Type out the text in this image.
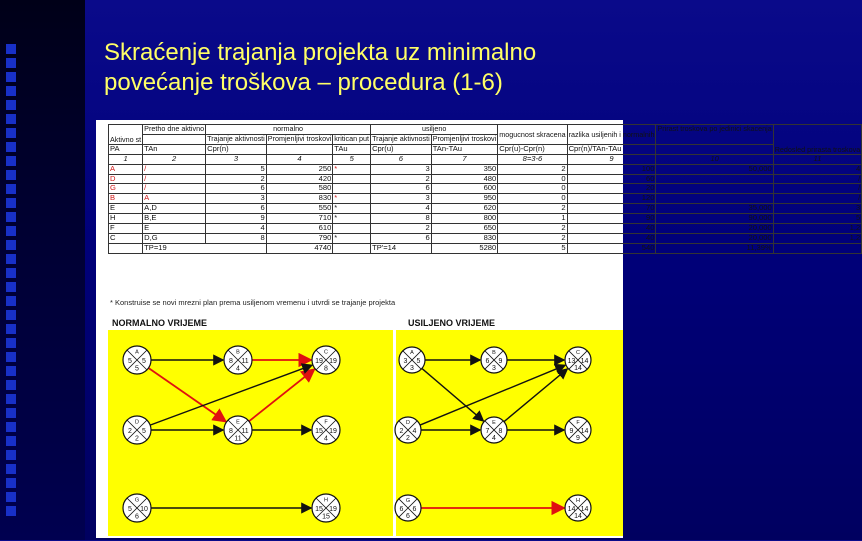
Skraćenje trajanja projekta uz minimalno
povećanje troškova – procedura (1-6)
Aktivno st	Pretho dne aktivno	normalno			usiljeno		mogucnost skracena	razlika usiljenih i normalnih	Prirast troskova po jedinici skacenja	Redosled prirasta troskova
		Trajanje aktivnosti	Promjenljivi troskovi	kritican put	Trajanje aktivnosti	Promjenljivi troskovi				
PA	TAn	Cpr(n)		TAu	Cpr(u)	TAn-TAu	Cpr(u)-Cpr(n)	Cpr(n)/TAn-TAu		
1	2	3	4	5	6	7	8=3-6	9	10	11
A	/	5	250	*	3	350	2	100	50,000	4
D	/	2	420		2	480	0	60		/
G	/	6	580		6	600	0	20		/
B	A	3	830	*	3	950	0	120		/
E	A,D	6	550	*	4	620	2	70	35,000	3
H	B,E	9	710	*	8	800	1	90	90,000	5
F	E	4	610		2	650	2	40	20,000	1,2
C	D,G	8	790	*	6	830	2	40	20,000	1,2
	TP=19		4740		TP'=14	5280	5	540	11,39%	
* Konstruise se novi mrezni plan prema usiljenom vremenu i utvrdi se trajanje projekta
NORMALNO VRIJEME	USILJENO VRIJEME
A
5 5
5
B
8 11
4
C
19 19
8
D
2 5
2
E
8 11
11
F
15 19
4
G
5 10
6
H
15 19
15
A
3 5
3
B
6 9
3
C
13 14
14
D
2 4
2
E
7 8
4
F
9 14
9
G
6 6
6
H
14 14
14
